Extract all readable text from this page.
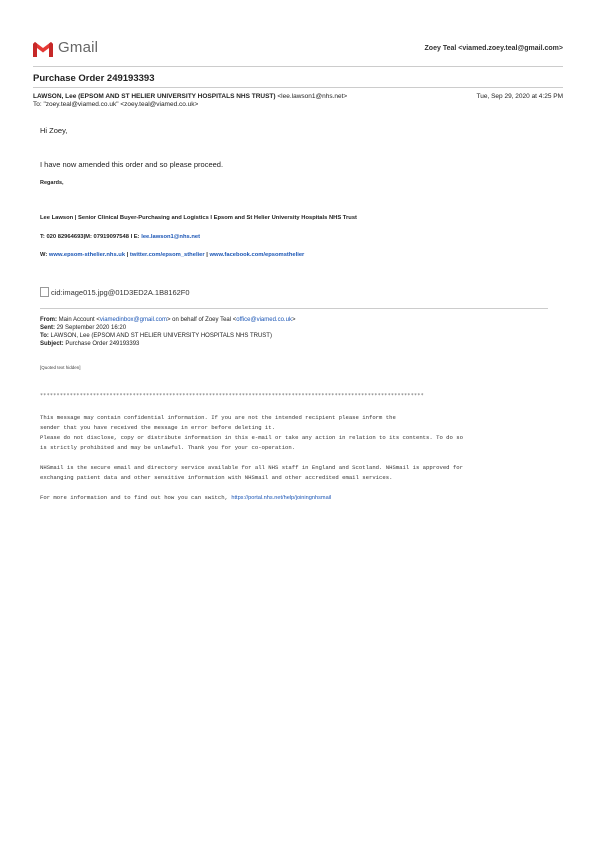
Gmail	Zoey Teal <viamed.zoey.teal@gmail.com>
Purchase Order 249193393
LAWSON, Lee (EPSOM AND ST HELIER UNIVERSITY HOSPITALS NHS TRUST) <lee.lawson1@nhs.net>	Tue, Sep 29, 2020 at 4:25 PM
To: "zoey.teal@viamed.co.uk" <zoey.teal@viamed.co.uk>
Hi Zoey,
I have now amended this order and so please proceed.
Regards,
Lee Lawson | Senior Clinical Buyer-Purchasing and Logistics I Epsom and St Helier University Hospitals NHS Trust
T: 020 82964693|M: 07919097548 I E: lee.lawson1@nhs.net
W: www.epsom-sthelier.nhs.uk | twitter.com/epsom_sthelier | www.facebook.com/epsomsthelier
cid:image015.jpg@01D3ED2A.1B8162F0
From: Main Account <viamedinbox@gmail.com> on behalf of Zoey Teal <office@viamed.co.uk>
Sent: 29 September 2020 16:20
To: LAWSON, Lee (EPSOM AND ST HELIER UNIVERSITY HOSPITALS NHS TRUST)
Subject: Purchase Order 249193393
[Quoted text hidden]
********************************************************************************************************************
This message may contain confidential information. If you are not the intended recipient please inform the
sender that you have received the message in error before deleting it.
Please do not disclose, copy or distribute information in this e-mail or take any action in relation to its contents. To do so
is strictly prohibited and may be unlawful. Thank you for your co-operation.
NHSmail is the secure email and directory service available for all NHS staff in England and Scotland. NHSmail is approved for
exchanging patient data and other sensitive information with NHSmail and other accredited email services.
For more information and to find out how you can switch, https://portal.nhs.net/help/joiningnhsmail
